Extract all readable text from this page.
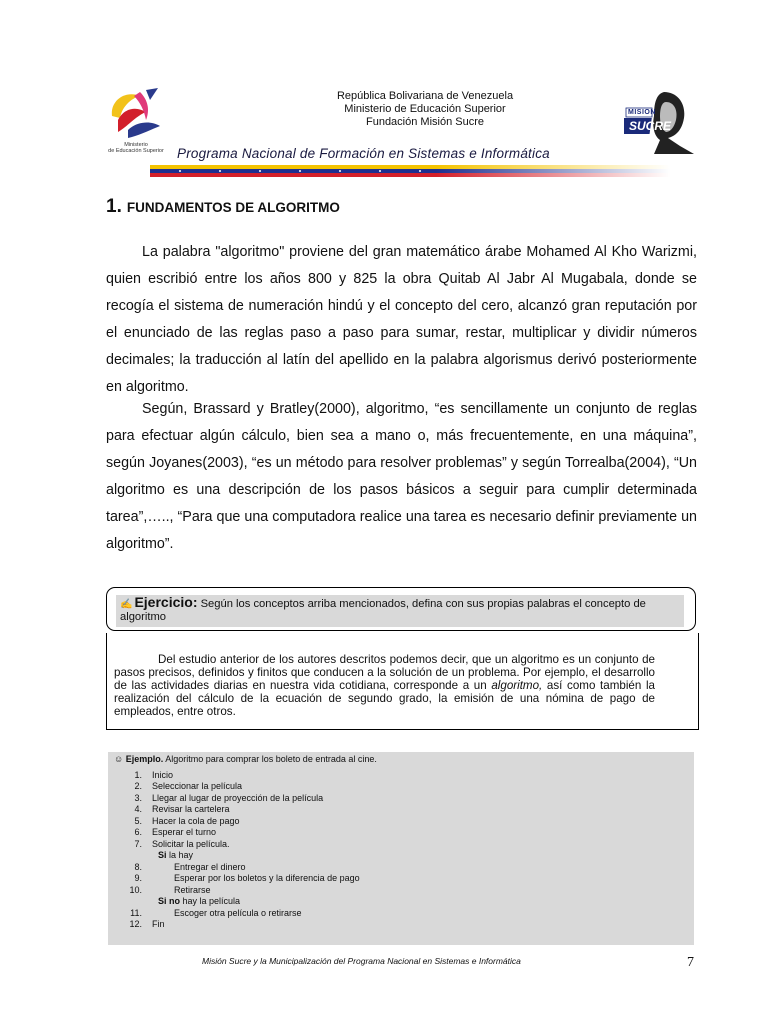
Ministerio
de Educación Superior
República Bolivariana de Venezuela
Ministerio de Educación Superior
Fundación Misión Sucre
Programa Nacional de Formación en Sistemas e Informática
MISION
SUCRE
1. FUNDAMENTOS DE ALGORITMO
La palabra "algoritmo" proviene del gran matemático árabe Mohamed Al Kho Warizmi, quien escribió entre los años 800 y 825 la obra Quitab Al Jabr Al Mugabala, donde se recogía el sistema de numeración hindú y el concepto del cero, alcanzó gran reputación por el enunciado de las reglas paso a paso para sumar, restar, multiplicar y dividir números decimales; la traducción al latín del apellido en la palabra algorismus derivó posteriormente en algoritmo.
Según, Brassard y Bratley(2000), algoritmo, “es sencillamente un conjunto de reglas para efectuar algún cálculo, bien sea a mano o, más frecuentemente, en una máquina”, según Joyanes(2003), “es un método para resolver problemas” y según Torrealba(2004), “Un algoritmo es una descripción de los pasos básicos a seguir para cumplir determinada tarea”,….., “Para que una computadora realice una tarea es necesario definir previamente un algoritmo”.
✍ Ejercicio: Según los conceptos arriba mencionados, defina con sus propias palabras el concepto de algoritmo
Del estudio anterior de los autores descritos podemos decir, que un algoritmo es un conjunto de pasos precisos, definidos y finitos que conducen a la solución de un problema. Por ejemplo, el desarrollo de las actividades diarias en nuestra vida cotidiana, corresponde a un algoritmo, así como también la realización del cálculo de la ecuación de segundo grado, la emisión de una nómina de pago de empleados, entre otros.
☺ Ejemplo. Algoritmo para comprar los boleto de entrada al cine.
1. Inicio
2. Seleccionar la película
3. Llegar al lugar de proyección de la película
4. Revisar la cartelera
5. Hacer la cola de pago
6. Esperar el turno
7. Solicitar la película.
Si la hay
8.	Entregar el dinero
9.	Esperar por los boletos y la diferencia de pago
10.	Retirarse
Si no hay la película
11.	Escoger otra película o retirarse
12. Fin
Misión Sucre y la Municipalización del Programa Nacional en Sistemas e Informática	7
